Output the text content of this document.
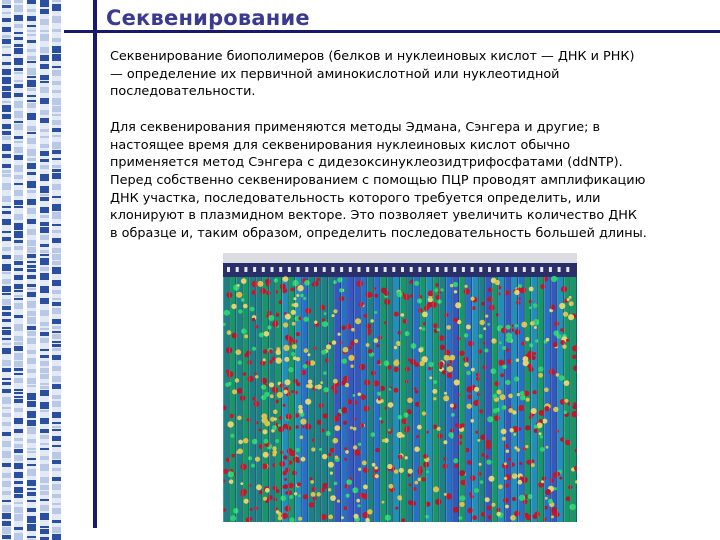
Секвенирование

Секвенирование биополимеров (белков и нуклеиновых кислот — ДНК и РНК)
— определение их первичной аминокислотной или нуклеотидной
последовательности.

Для секвенирования применяются методы Эдмана, Сэнгера и другие; в
настоящее время для секвенирования нуклеиновых кислот обычно
применяется метод Сэнгера с дидезоксинуклеозидтрифосфатами (ddNTP).
Перед собственно секвенированием с помощью ПЦР проводят амплификацию
ДНК участка, последовательность которого требуется определить, или
клонируют в плазмидном векторе. Это позволяет увеличить количество ДНК
в образце и, таким образом, определить последовательность большей длины.
